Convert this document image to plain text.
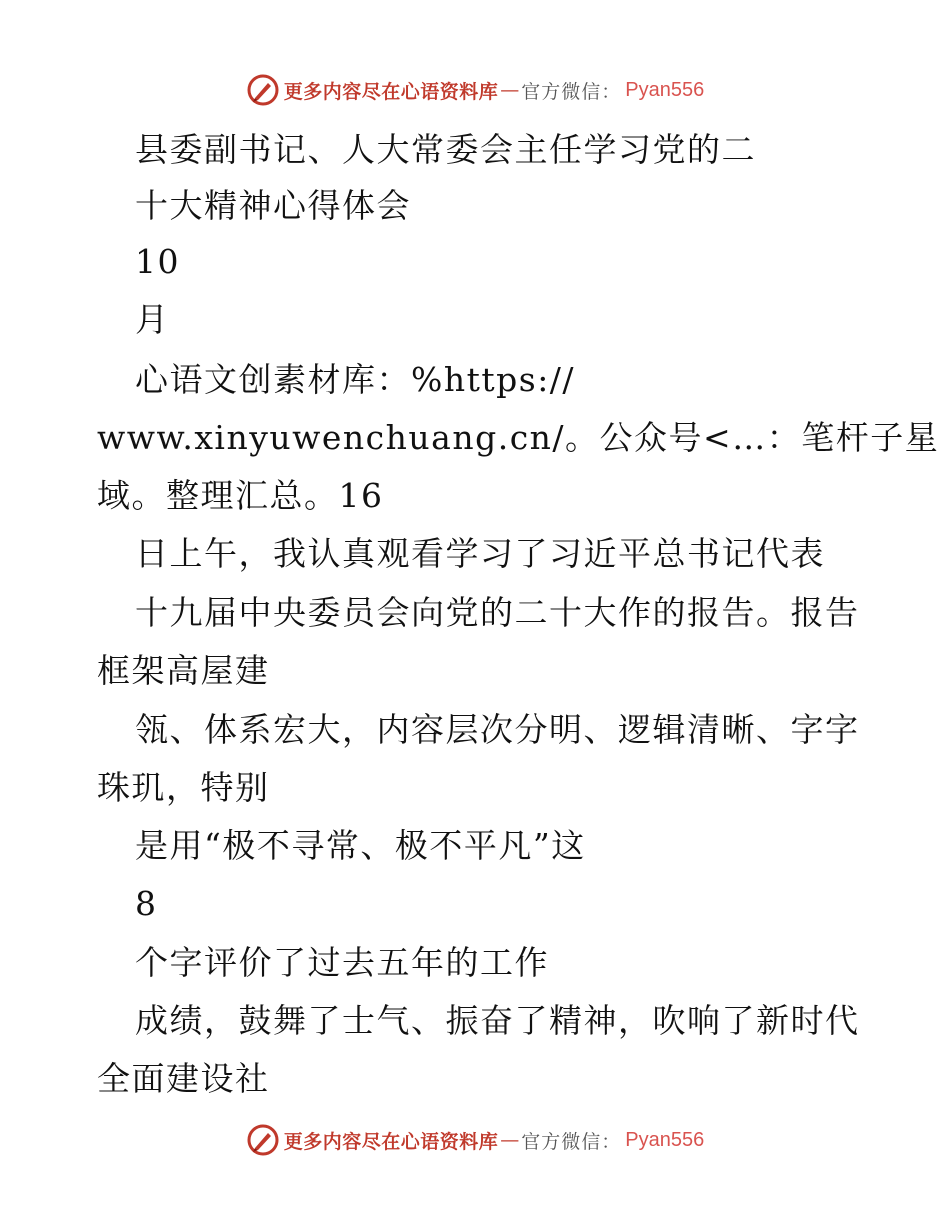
更多内容尽在心语资料库 — 官方微信： Pyan556
县委副书记、人大常委会主任学习党的二
十大精神心得体会
10
月
心语文创素材库：%https://
www.xinyuwenchuang.cn/。公众号<…：笔杆子星
域。整理汇总。16
日上午，我认真观看学习了习近平总书记代表
十九届中央委员会向党的二十大作的报告。报告
框架高屋建
瓴、体系宏大，内容层次分明、逻辑清晰、字字
珠玑，特别
是用“极不寻常、极不平凡”这
8
个字评价了过去五年的工作
成绩，鼓舞了士气、振奋了精神，吹响了新时代
全面建设社
更多内容尽在心语资料库 — 官方微信： Pyan556
